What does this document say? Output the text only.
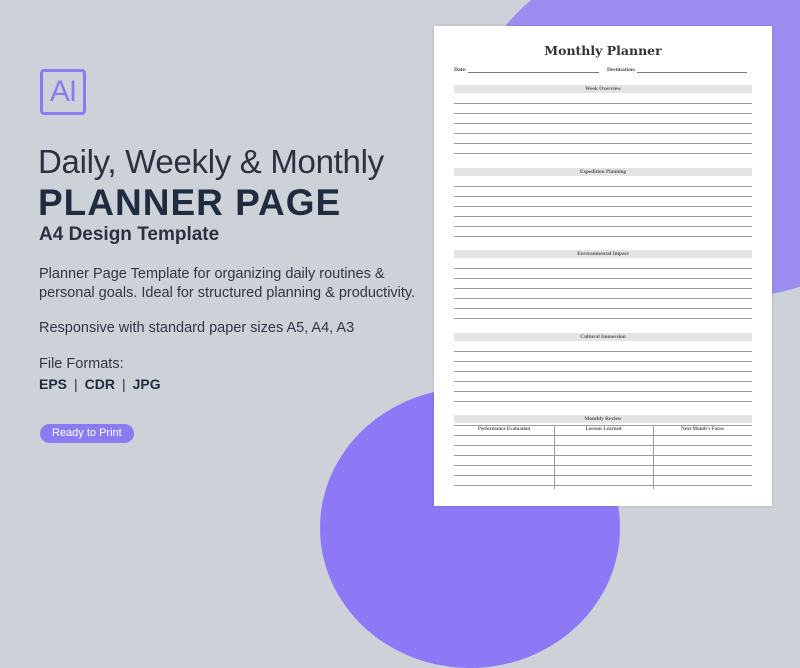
AI
Daily, Weekly & Monthly
PLANNER PAGE
A4 Design Template
Planner Page Template for organizing daily routines &
personal goals. Ideal for structured planning & productivity.
Responsive with standard paper sizes A5, A4, A3
File Formats:
EPS | CDR | JPG
Ready to Print
Monthly Planner
Date:	Destination:
Week Overview
Expedition Planning
Environmental Impact
Cultural Immersion
Monthly Review
Performance Evaluation	Lessons Learned	Next Month's Focus
